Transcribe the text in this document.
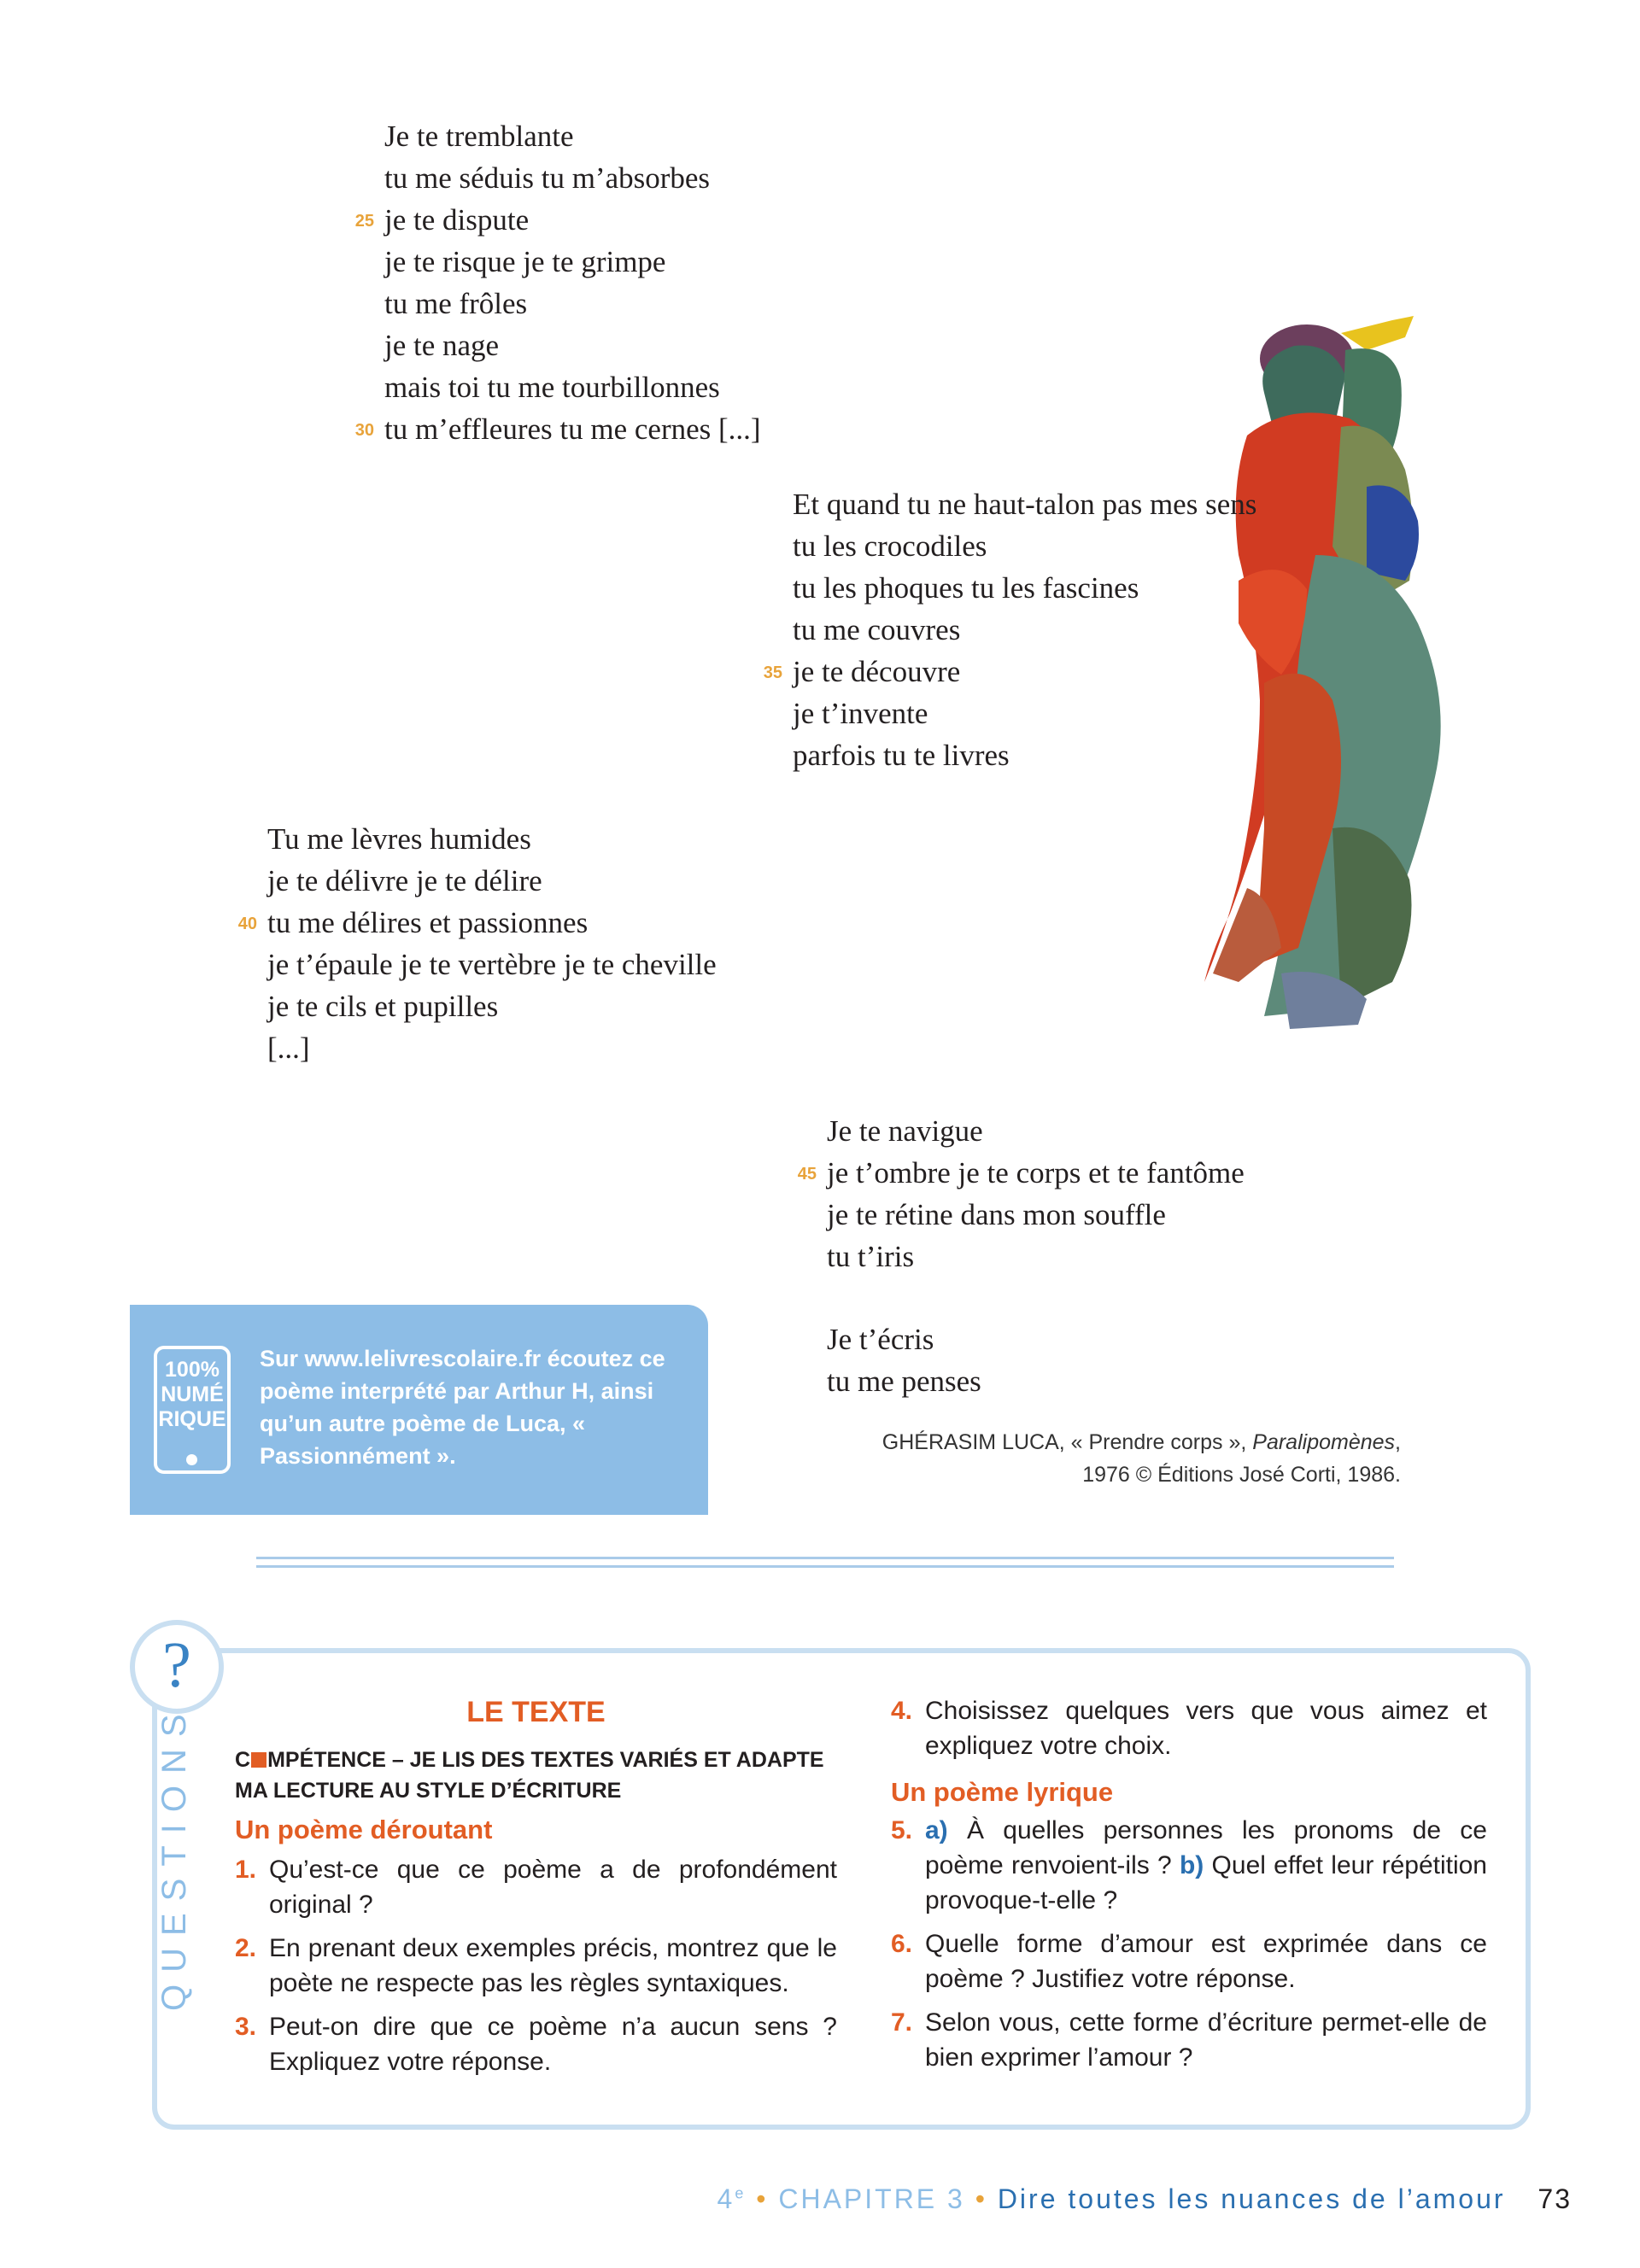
Je te tremblante
tu me séduis tu m’absorbes
25 je te dispute
je te risque je te grimpe
tu me frôles
je te nage
mais toi tu me tourbillonnes
30 tu m’effleures tu me cernes [...]
Et quand tu ne haut-talon pas mes sens
tu les crocodiles
tu les phoques tu les fascines
tu me couvres
35 je te découvre
je t’invente
parfois tu te livres
Tu me lèvres humides
je te délivre je te délire
40 tu me délires et passionnes
je t’épaule je te vertèbre je te cheville
je te cils et pupilles
[...]
Je te navigue
45 je t’ombre je te corps et te fantôme
je te rétine dans mon souffle
tu t’iris
Je t’écris
tu me penses
GHÉRASIM LUCA, « Prendre corps », Paralipomènes,
1976 © Éditions José Corti, 1986.
100%
NUMÉ
RIQUE
Sur www.lelivrescolaire.fr écoutez ce poème interprété par Arthur H, ainsi qu’un autre poème de Luca, « Passionnément ».
?
QUESTIONS	LE TEXTE
C MPÉTENCE – JE LIS DES TEXTES VARIÉS ET ADAPTE MA LECTURE AU STYLE D’ÉCRITURE
Un poème déroutant
1. Qu’est-ce que ce poème a de profondément original ?
2. En prenant deux exemples précis, montrez que le poète ne respecte pas les règles syntaxiques.
3. Peut-on dire que ce poème n’a aucun sens ? Expliquez votre réponse.
4. Choisissez quelques vers que vous aimez et expliquez votre choix.
Un poème lyrique
5. a) À quelles personnes les pronoms de ce poème renvoient-ils ? b) Quel effet leur répétition provoque-t-elle ?
6. Quelle forme d’amour est exprimée dans ce poème ? Justifiez votre réponse.
7. Selon vous, cette forme d’écriture permet-elle de bien exprimer l’amour ?
4e • CHAPITRE 3 • Dire toutes les nuances de l’amour 73
